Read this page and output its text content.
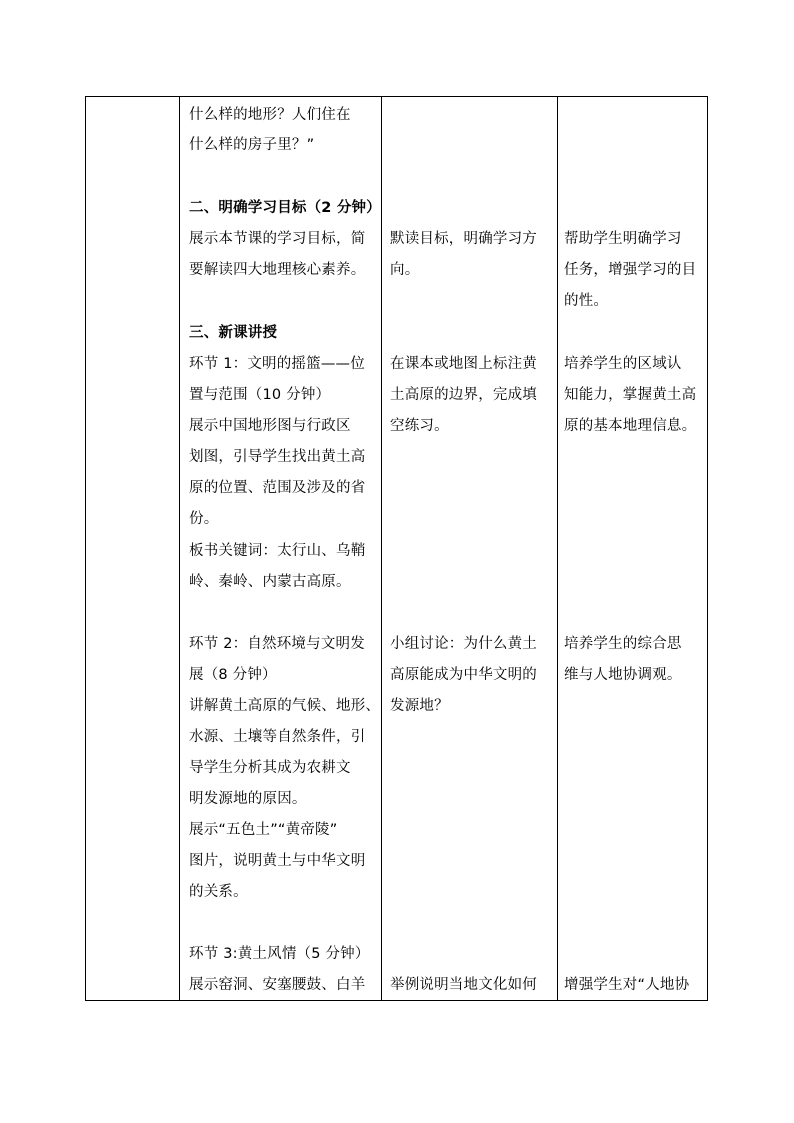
什么样的地形？人们住在
什么样的房子里？”
二、明确学习目标（2 分钟）
展示本节课的学习目标，简
要解读四大地理核心素养。
三、新课讲授
环节 1：文明的摇篮——位
置与范围（10 分钟）
展示中国地形图与行政区
划图，引导学生找出黄土高
原的位置、范围及涉及的省
份。
板书关键词：太行山、乌鞘
岭、秦岭、内蒙古高原。
环节 2：自然环境与文明发
展（8 分钟）
讲解黄土高原的气候、地形、
水源、土壤等自然条件，引
导学生分析其成为农耕文
明发源地的原因。
展示“五色土”“黄帝陵”
图片，说明黄土与中华文明
的关系。
环节 3:黄土风情（5 分钟）
展示窑洞、安塞腰鼓、白羊
默读目标，明确学习方
向。
在课本或地图上标注黄
土高原的边界，完成填
空练习。
小组讨论：为什么黄土
高原能成为中华文明的
发源地？
举例说明当地文化如何
帮助学生明确学习
任务，增强学习的目
的性。
培养学生的区域认
知能力，掌握黄土高
原的基本地理信息。
培养学生的综合思
维与人地协调观。
增强学生对“人地协
